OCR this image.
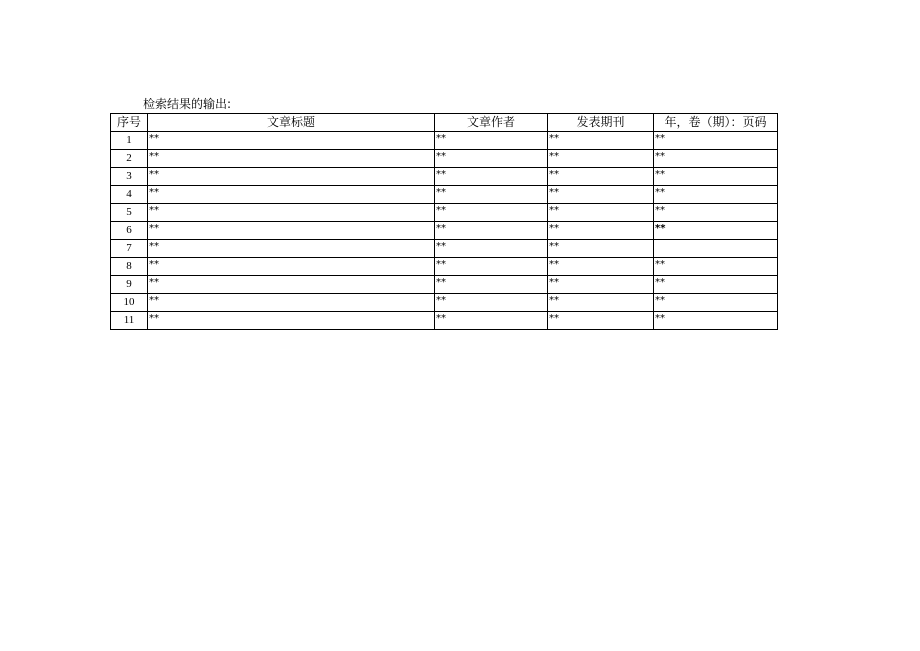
检索结果的输出:
序号	文章标题	文章作者	发表期刊	年，卷（期）：页码
1	**	**	**	**
2	**	**	**	**
3	**	**	**	**
4	**	**	**	**
5	**	**	**	**
6	**	**	**	**
7	**	**	**	
8	**	**	**	**
9	**	**	**	**
10	**	**	**	**
11	**	**	**	**
